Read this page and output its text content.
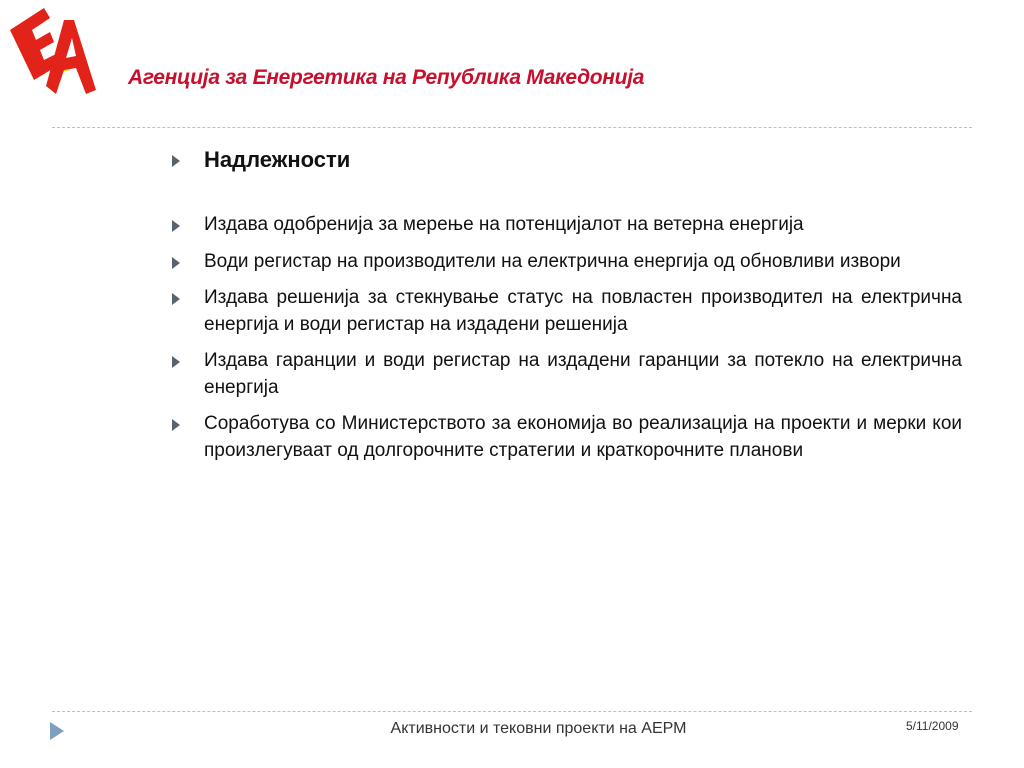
Агенција за Енергетика на Република Македонија
Надлежности
Издава одобренија за мерење на потенцијалот на ветерна енергија
Води регистар на производители на електрична енергија од обновливи извори
Издава решенија за стекнување статус на повластен производител на електрична енергија и води регистар на издадени решенија
Издава гаранции и води регистар на издадени гаранции за потекло на електрична енергија
Соработува со Министерството за економија во реализација на проекти и мерки кои произлегуваат од долгорочните стратегии и краткорочните планови
Активности и тековни проекти на АЕРМ	5/11/2009
